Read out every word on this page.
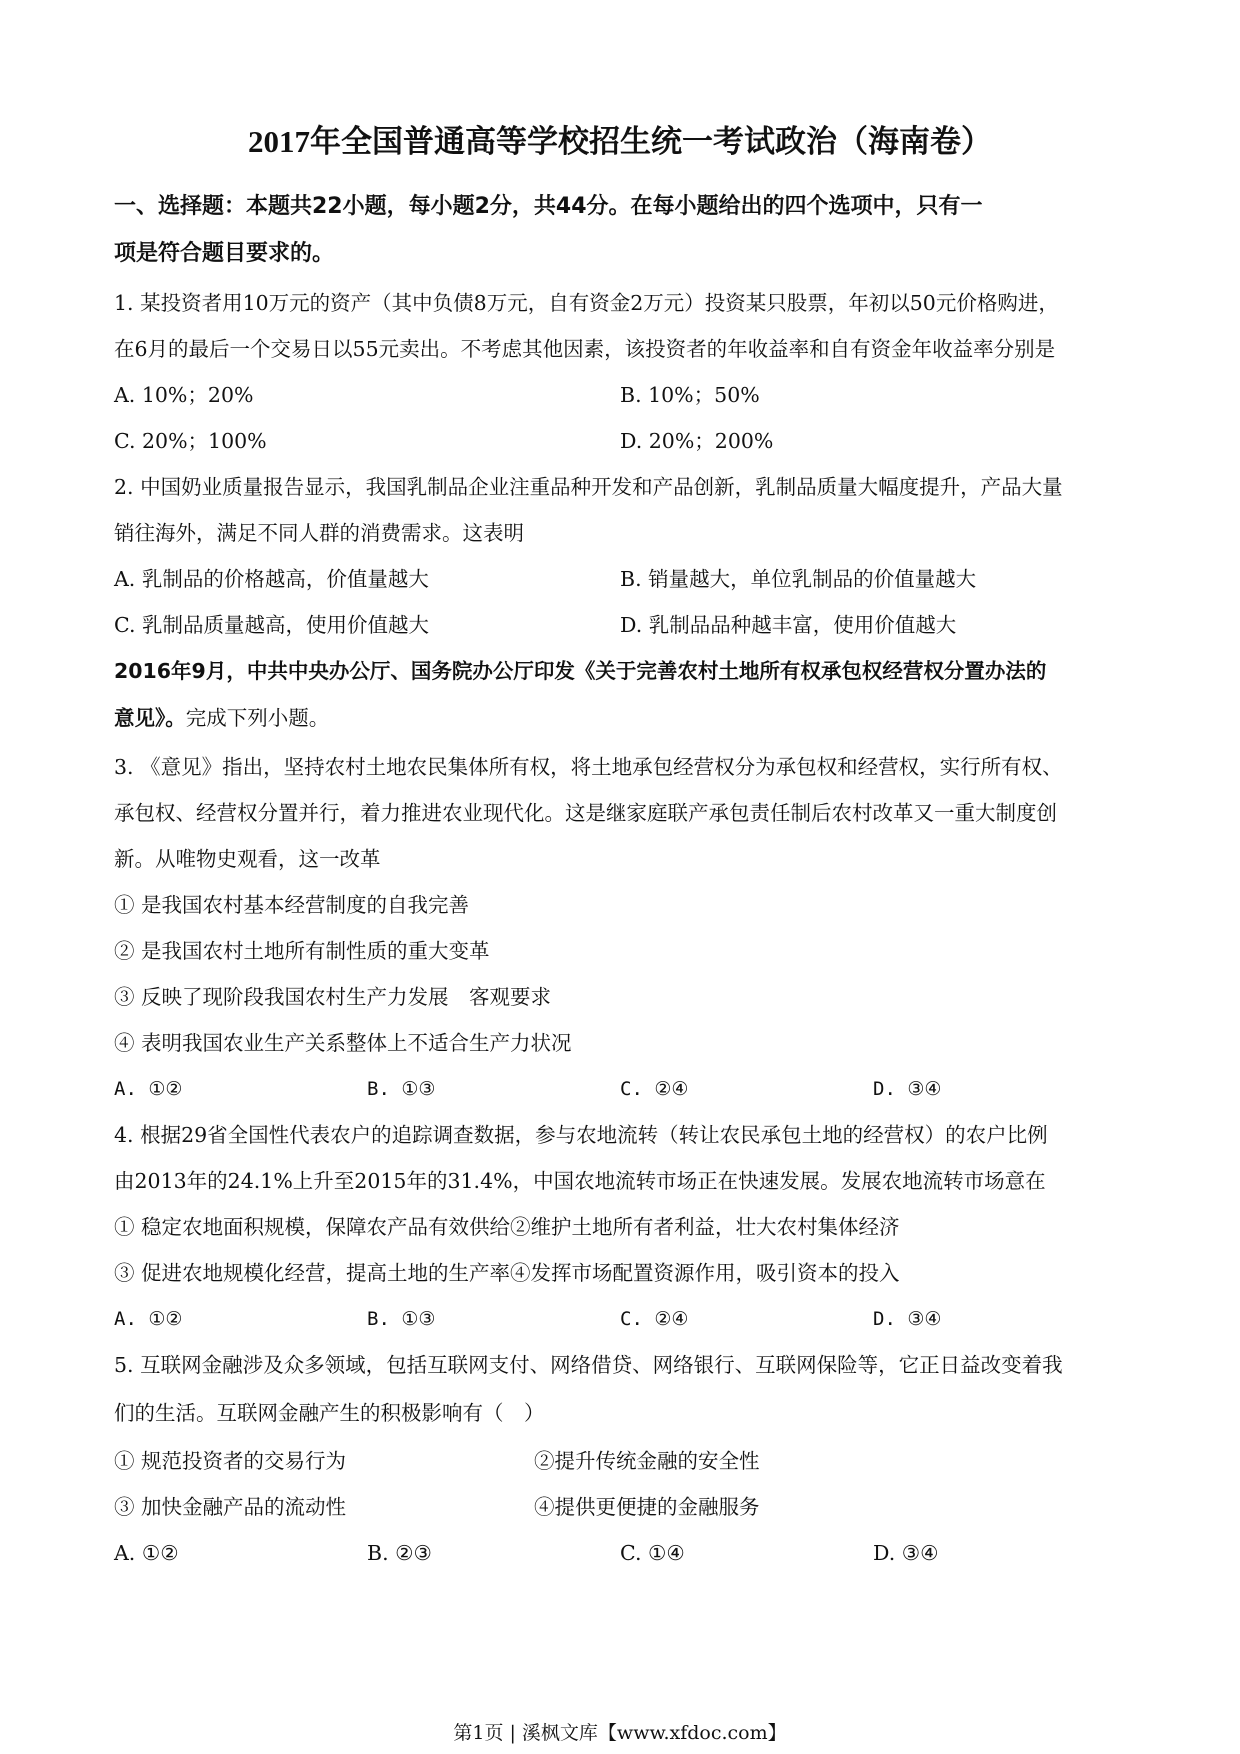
2017年全国普通高等学校招生统一考试政治（海南卷）
一、选择题：本题共22小题，每小题2分，共44分。在每小题给出的四个选项中，只有一
项是符合题目要求的。
1. 某投资者用10万元的资产（其中负债8万元，自有资金2万元）投资某只股票，年初以50元价格购进，
在6月的最后一个交易日以55元卖出。不考虑其他因素，该投资者的年收益率和自有资金年收益率分别是
A. 10%；20%	B. 10%；50%
C. 20%；100%	D. 20%；200%
2. 中国奶业质量报告显示，我国乳制品企业注重品种开发和产品创新，乳制品质量大幅度提升，产品大量
销往海外，满足不同人群的消费需求。这表明
A. 乳制品的价格越高，价值量越大	B. 销量越大，单位乳制品的价值量越大
C. 乳制品质量越高，使用价值越大	D. 乳制品品种越丰富，使用价值越大
2016年9月，中共中央办公厅、国务院办公厅印发《关于完善农村土地所有权承包权经营权分置办法的
意见》。完成下列小题。
3. 《意见》指出，坚持农村土地农民集体所有权，将土地承包经营权分为承包权和经营权，实行所有权、
承包权、经营权分置并行，着力推进农业现代化。这是继家庭联产承包责任制后农村改革又一重大制度创
新。从唯物史观看，这一改革
① 是我国农村基本经营制度的自我完善
② 是我国农村土地所有制性质的重大变革
③ 反映了现阶段我国农村生产力发展　客观要求
④ 表明我国农业生产关系整体上不适合生产力状况
A. ①②	B. ①③	C. ②④	D. ③④
4. 根据29省全国性代表农户的追踪调查数据，参与农地流转（转让农民承包土地的经营权）的农户比例
由2013年的24.1%上升至2015年的31.4%，中国农地流转市场正在快速发展。发展农地流转市场意在
① 稳定农地面积规模，保障农产品有效供给②维护土地所有者利益，壮大农村集体经济
③ 促进农地规模化经营，提高土地的生产率④发挥市场配置资源作用，吸引资本的投入
A. ①②	B. ①③	C. ②④	D. ③④
5. 互联网金融涉及众多领域，包括互联网支付、网络借贷、网络银行、互联网保险等，它正日益改变着我
们的生活。互联网金融产生的积极影响有（　）
① 规范投资者的交易行为	②提升传统金融的安全性
③ 加快金融产品的流动性	④提供更便捷的金融服务
A. ①②	B. ②③	C. ①④	D. ③④
第1页 | 溪枫文库【www.xfdoc.com】
